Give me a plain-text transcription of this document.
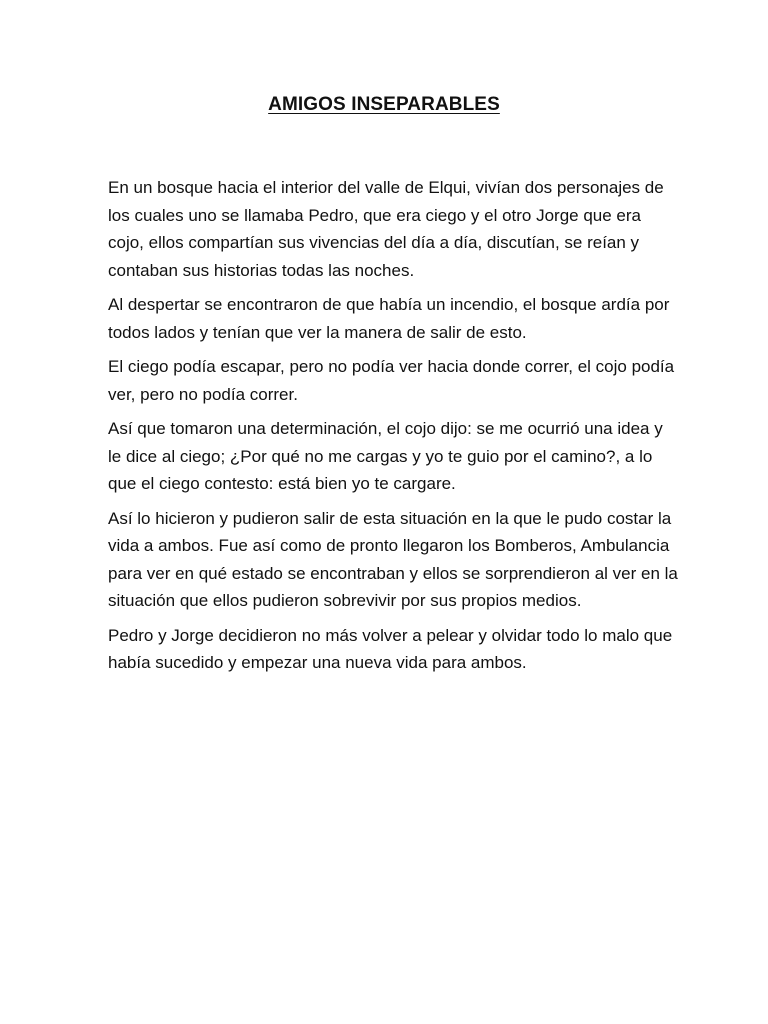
AMIGOS INSEPARABLES

En un bosque hacia el interior del valle de Elqui, vivían dos personajes de los cuales uno se llamaba Pedro, que era ciego y el otro Jorge que era cojo, ellos compartían sus vivencias del día a día, discutían, se reían y contaban sus historias todas las noches.

Al despertar se encontraron de que había un incendio, el bosque ardía por todos lados y tenían que ver la manera de salir de esto.

El ciego podía escapar, pero no podía ver hacia donde correr, el cojo podía ver, pero no podía correr.

Así que tomaron una determinación, el cojo dijo: se me ocurrió una idea y le dice al ciego; ¿Por qué no me cargas y yo te guio por el camino?, a lo que el ciego contesto: está bien yo te cargare.

Así lo hicieron y pudieron salir de esta situación en la que le pudo costar la vida a ambos. Fue así como de pronto llegaron los Bomberos, Ambulancia para ver en qué estado se encontraban y ellos se sorprendieron al ver en la situación que ellos pudieron sobrevivir por sus propios medios.

Pedro y Jorge decidieron no más volver a pelear y olvidar todo lo malo que había sucedido y empezar una nueva vida para ambos.
